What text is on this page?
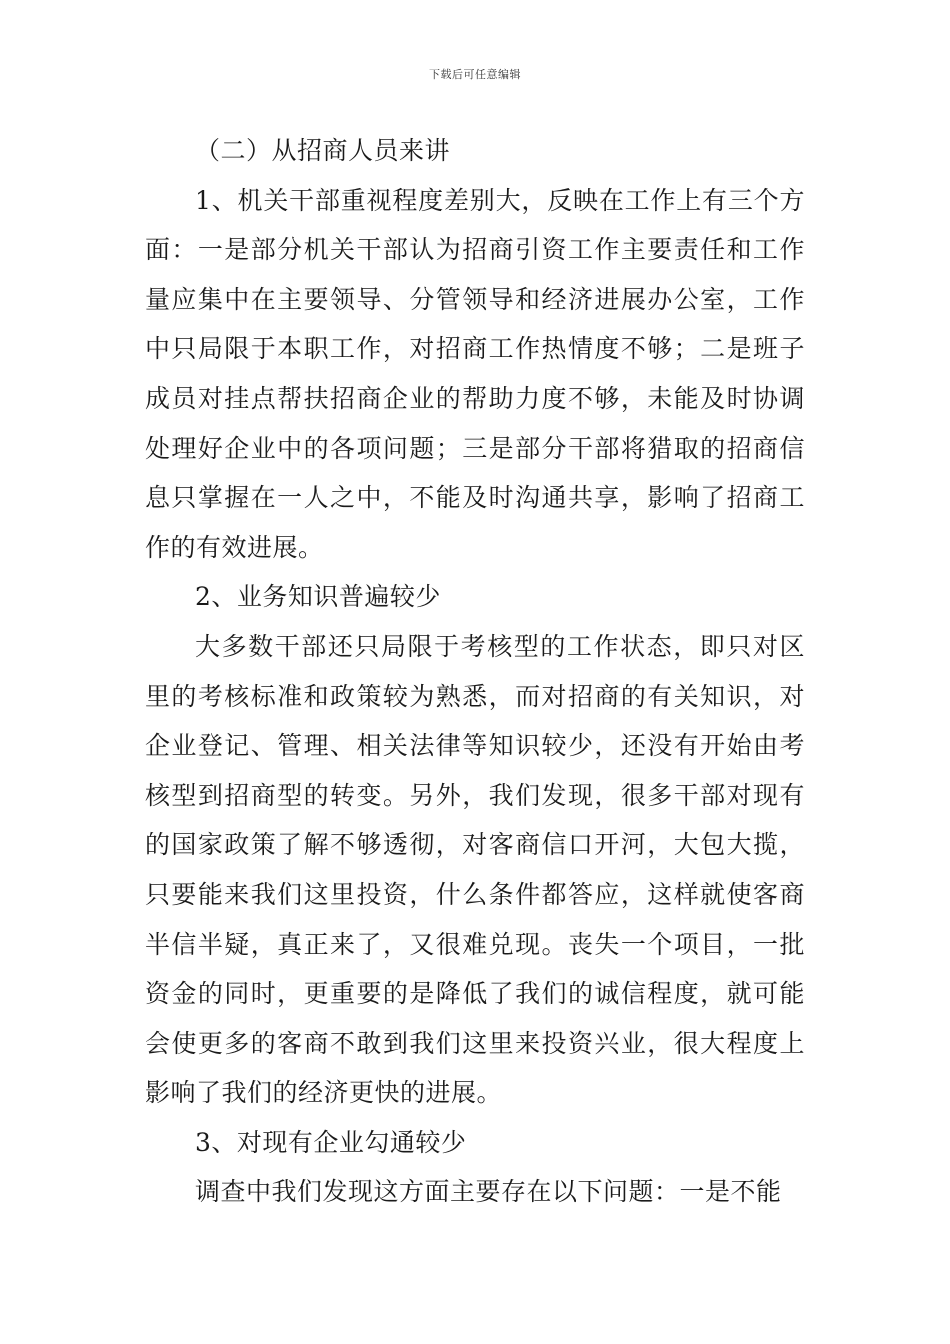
下载后可任意编辑

（二）从招商人员来讲

1、机关干部重视程度差别大，反映在工作上有三个方面：一是部分机关干部认为招商引资工作主要责任和工作量应集中在主要领导、分管领导和经济进展办公室，工作中只局限于本职工作，对招商工作热情度不够；二是班子成员对挂点帮扶招商企业的帮助力度不够，未能及时协调处理好企业中的各项问题；三是部分干部将猎取的招商信息只掌握在一人之中，不能及时沟通共享，影响了招商工作的有效进展。

2、业务知识普遍较少

大多数干部还只局限于考核型的工作状态，即只对区里的考核标准和政策较为熟悉，而对招商的有关知识，对企业登记、管理、相关法律等知识较少，还没有开始由考核型到招商型的转变。另外，我们发现，很多干部对现有的国家政策了解不够透彻，对客商信口开河，大包大揽，只要能来我们这里投资，什么条件都答应，这样就使客商半信半疑，真正来了，又很难兑现。丧失一个项目，一批资金的同时，更重要的是降低了我们的诚信程度，就可能会使更多的客商不敢到我们这里来投资兴业，很大程度上影响了我们的经济更快的进展。

3、对现有企业勾通较少

调查中我们发现这方面主要存在以下问题：一是不能
